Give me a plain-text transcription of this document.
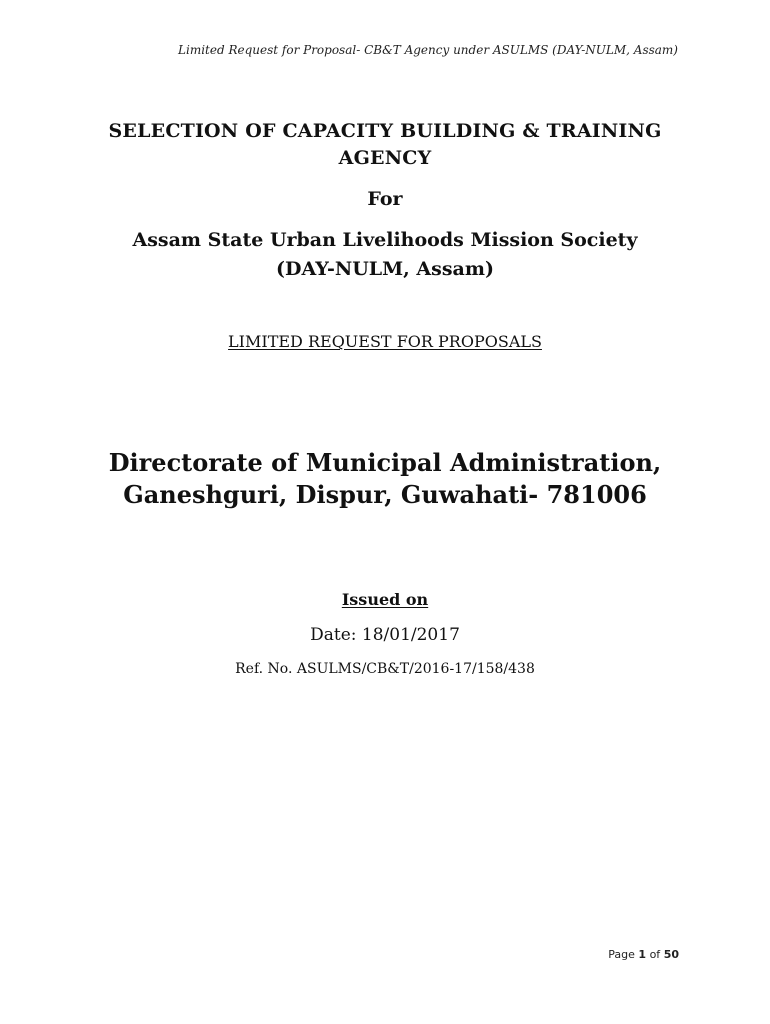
Limited Request for Proposal- CB&T Agency under ASULMS (DAY-NULM, Assam)
SELECTION OF CAPACITY BUILDING & TRAINING
AGENCY
For
Assam State Urban Livelihoods Mission Society
(DAY-NULM, Assam)
LIMITED REQUEST FOR PROPOSALS
Directorate of Municipal Administration,
Ganeshguri, Dispur, Guwahati- 781006
Issued on
Date: 18/01/2017
Ref. No. ASULMS/CB&T/2016-17/158/438
Page 1 of 50
